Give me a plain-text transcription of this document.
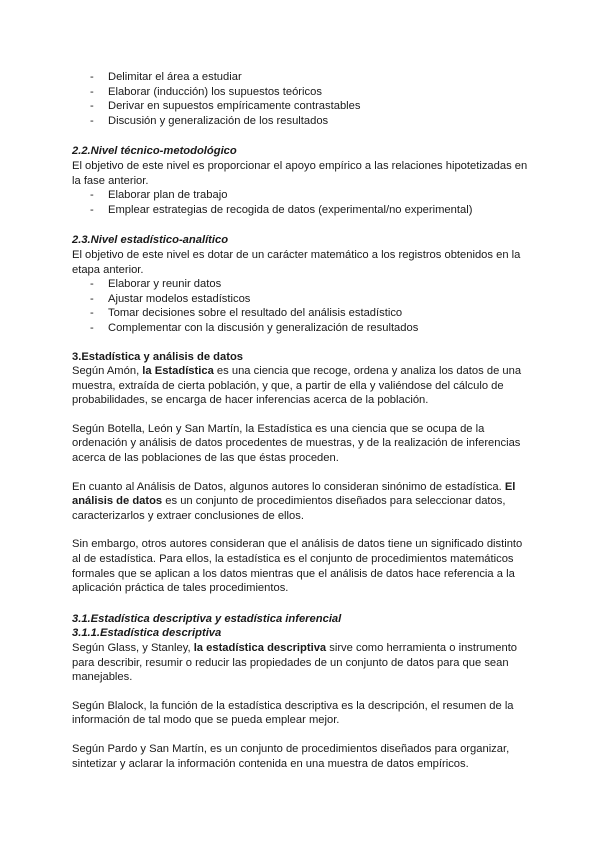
- Delimitar el área a estudiar
- Elaborar (inducción) los supuestos teóricos
- Derivar en supuestos empíricamente contrastables
- Discusión y generalización de los resultados
2.2.Nivel técnico-metodológico

El objetivo de este nivel es proporcionar el apoyo empírico a las relaciones hipotetizadas en la fase anterior.

- Elaborar plan de trabajo
- Emplear estrategias de recogida de datos (experimental/no experimental)
2.3.Nivel estadístico-analítico

El objetivo de este nivel es dotar de un carácter matemático a los registros obtenidos en la etapa anterior.

- Elaborar y reunir datos
- Ajustar modelos estadísticos
- Tomar decisiones sobre el resultado del análisis estadístico
- Complementar con la discusión y generalización de resultados
3.Estadística y análisis de datos

Según Amón, la Estadística es una ciencia que recoge, ordena y analiza los datos de una muestra, extraída de cierta población, y que, a partir de ella y valiéndose del cálculo de probabilidades, se encarga de hacer inferencias acerca de la población.

Según Botella, León y San Martín, la Estadística es una ciencia que se ocupa de la ordenación y análisis de datos procedentes de muestras, y de la realización de inferencias acerca de las poblaciones de las que éstas proceden.

En cuanto al Análisis de Datos, algunos autores lo consideran sinónimo de estadística. El análisis de datos es un conjunto de procedimientos diseñados para seleccionar datos, caracterizarlos y extraer conclusiones de ellos.

Sin embargo, otros autores consideran que el análisis de datos tiene un significado distinto al de estadística. Para ellos, la estadística es el conjunto de procedimientos matemáticos formales que se aplican a los datos mientras que el análisis de datos hace referencia a la aplicación práctica de tales procedimientos.

3.1.Estadística descriptiva y estadística inferencial
3.1.1.Estadística descriptiva

Según Glass, y Stanley, la estadística descriptiva sirve como herramienta o instrumento para describir, resumir o reducir las propiedades de un conjunto de datos para que sean manejables.

Según Blalock, la función de la estadística descriptiva es la descripción, el resumen de la información de tal modo que se pueda emplear mejor.

Según Pardo y San Martín, es un conjunto de procedimientos diseñados para organizar, sintetizar y aclarar la información contenida en una muestra de datos empíricos.
